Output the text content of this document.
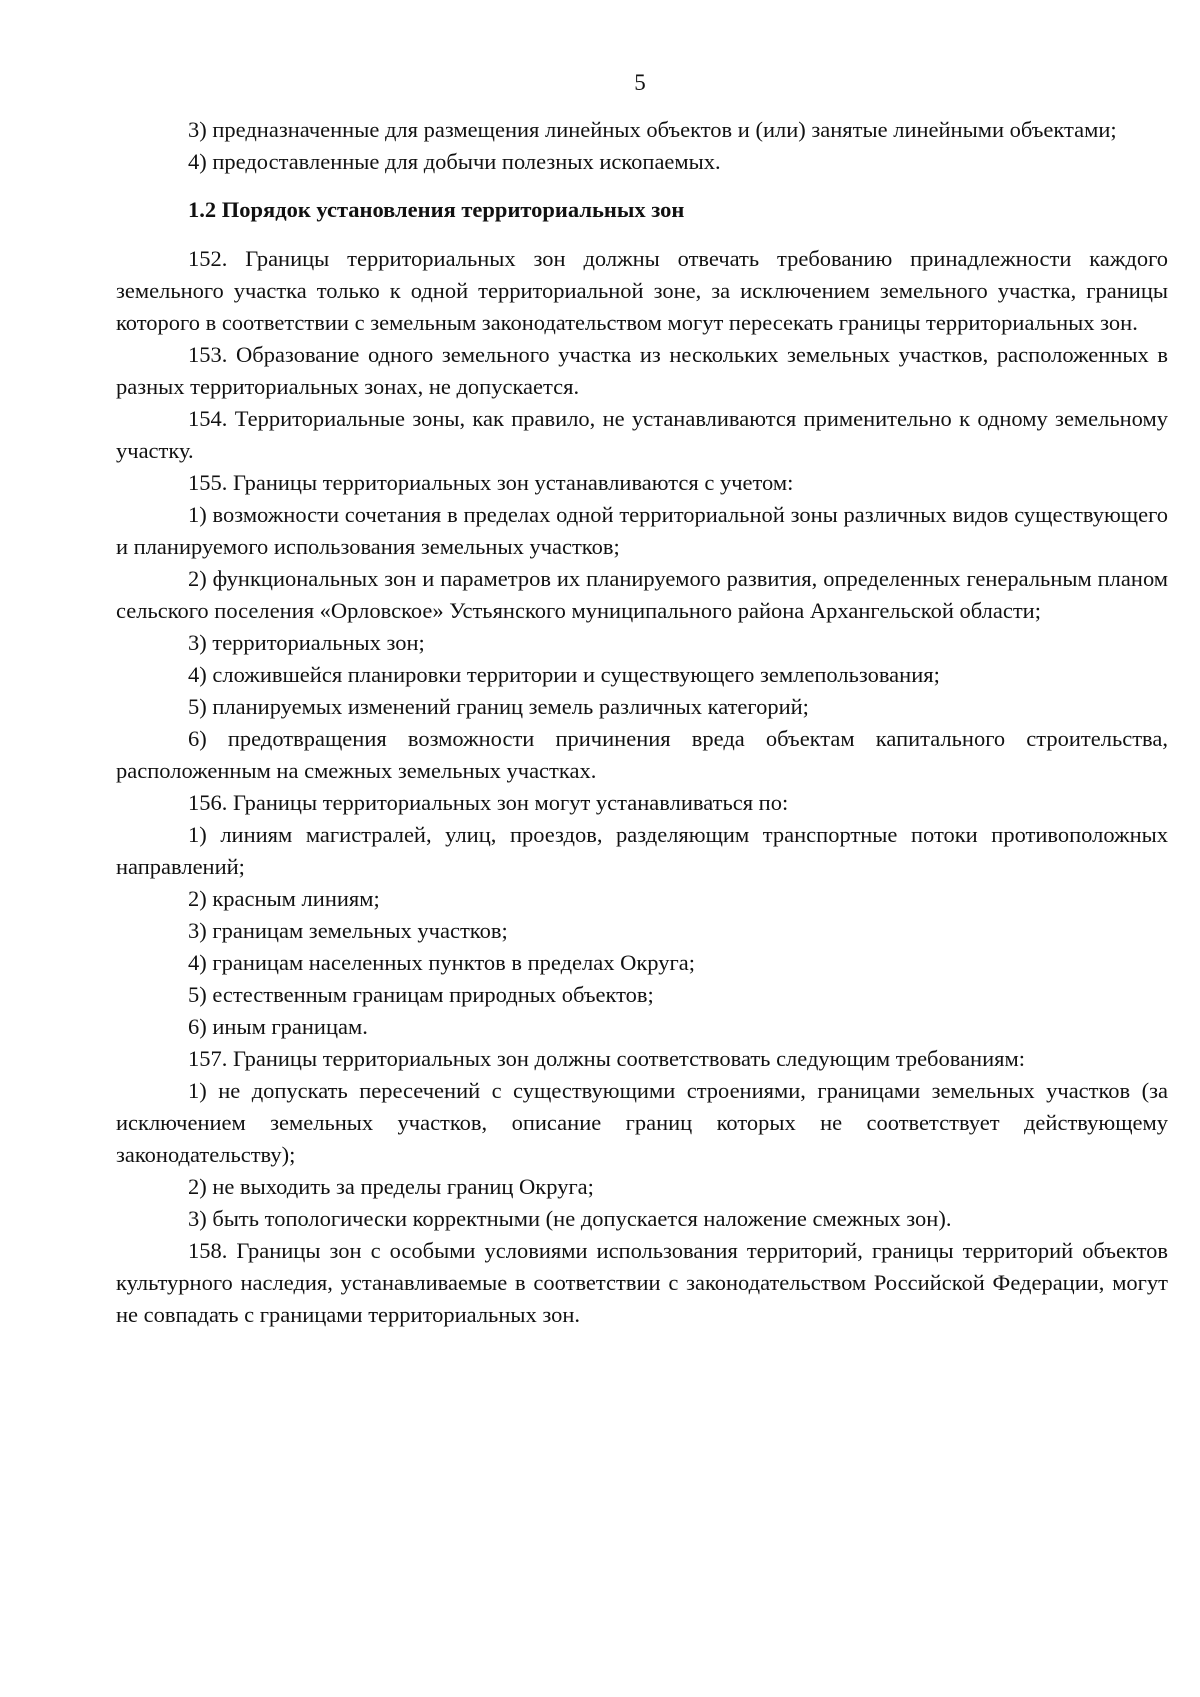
5

3) предназначенные для размещения линейных объектов и (или) занятые линейными объектами;

4) предоставленные для добычи полезных ископаемых.

1.2 Порядок установления территориальных зон

152. Границы территориальных зон должны отвечать требованию принадлежности каждого земельного участка только к одной территориальной зоне, за исключением земельного участка, границы которого в соответствии с земельным законодательством могут пересекать границы территориальных зон.

153. Образование одного земельного участка из нескольких земельных участков, расположенных в разных территориальных зонах, не допускается.

154. Территориальные зоны, как правило, не устанавливаются применительно к одному земельному участку.

155. Границы территориальных зон устанавливаются с учетом:

1) возможности сочетания в пределах одной территориальной зоны различных видов существующего и планируемого использования земельных участков;

2) функциональных зон и параметров их планируемого развития, определенных генеральным планом сельского поселения «Орловское» Устьянского муниципального района Архангельской области;

3) территориальных зон;

4) сложившейся планировки территории и существующего землепользования;

5) планируемых изменений границ земель различных категорий;

6) предотвращения возможности причинения вреда объектам капитального строительства, расположенным на смежных земельных участках.

156. Границы территориальных зон могут устанавливаться по:

1) линиям магистралей, улиц, проездов, разделяющим транспортные потоки противоположных направлений;

2) красным линиям;

3) границам земельных участков;

4) границам населенных пунктов в пределах Округа;

5) естественным границам природных объектов;

6) иным границам.

157. Границы территориальных зон должны соответствовать следующим требованиям:

1) не допускать пересечений с существующими строениями, границами земельных участков (за исключением земельных участков, описание границ которых не соответствует действующему законодательству);

2) не выходить за пределы границ Округа;

3) быть топологически корректными (не допускается наложение смежных зон).

158. Границы зон с особыми условиями использования территорий, границы территорий объектов культурного наследия, устанавливаемые в соответствии с законодательством Российской Федерации, могут не совпадать с границами территориальных зон.
